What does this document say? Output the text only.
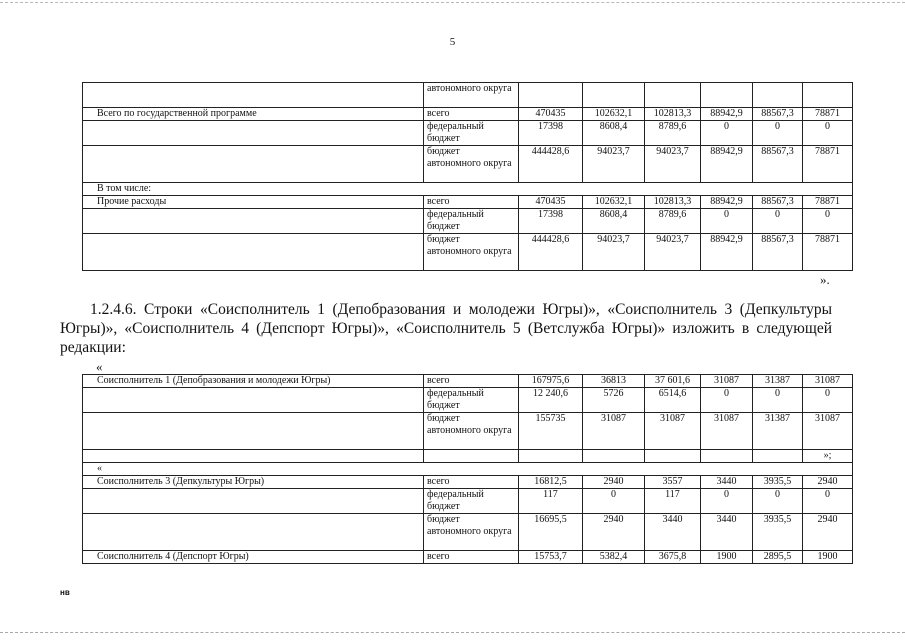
5
	автономного округа						
Всего по государственной программе	всего	470435	102632,1	102813,3	88942,9	88567,3	78871
	федеральный бюджет	17398	8608,4	8789,6	0	0	0
	бюджет автономного округа	444428,6	94023,7	94023,7	88942,9	88567,3	78871
В том числе:							
Прочие расходы	всего	470435	102632,1	102813,3	88942,9	88567,3	78871
	федеральный бюджет	17398	8608,4	8789,6	0	0	0
	бюджет автономного округа	444428,6	94023,7	94023,7	88942,9	88567,3	78871
».
1.2.4.6. Строки «Соисполнитель 1 (Депобразования и молодежи Югры)», «Соисполнитель 3 (Депкультуры Югры)», «Соисполнитель 4 (Депспорт Югры)», «Соисполнитель 5 (Ветслужба Югры)» изложить в следующей редакции:
«
Соисполнитель 1 (Депобразования и молодежи Югры)	всего	167975,6	36813	37 601,6	31087	31387	31087
	федеральный бюджет	12 240,6	5726	6514,6	0	0	0
	бюджет автономного округа	155735	31087	31087	31087	31387	31087
							»;
«							
Соисполнитель 3 (Депкультуры Югры)	всего	16812,5	2940	3557	3440	3935,5	2940
	федеральный бюджет	117	0	117	0	0	0
	бюджет автономного округа	16695,5	2940	3440	3440	3935,5	2940
Соисполнитель 4 (Депспорт Югры)	всего	15753,7	5382,4	3675,8	1900	2895,5	1900
нв
